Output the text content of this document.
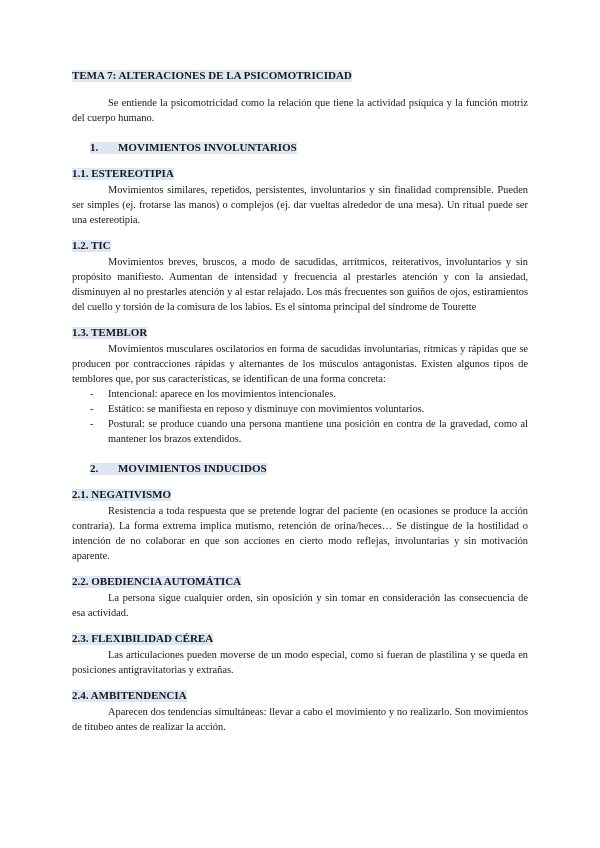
TEMA 7: ALTERACIONES DE LA PSICOMOTRICIDAD

Se entiende la psicomotricidad como la relación que tiene la actividad psíquica y la función motriz del cuerpo humano.

1. MOVIMIENTOS INVOLUNTARIOS
1.1. ESTEREOTIPIA

Movimientos similares, repetidos, persistentes, involuntarios y sin finalidad comprensible. Pueden ser simples (ej. frotarse las manos) o complejos (ej. dar vueltas alrededor de una mesa). Un ritual puede ser una estereotipia.

1.2. TIC

Movimientos breves, bruscos, a modo de sacudidas, arrítmicos, reiterativos, involuntarios y sin propósito manifiesto. Aumentan de intensidad y frecuencia al prestarles atención y con la ansiedad, disminuyen al no prestarles atención y al estar relajado. Los más frecuentes son guiños de ojos, estiramientos del cuello y torsión de la comisura de los labios. Es el síntoma principal del síndrome de Tourette

1.3. TEMBLOR

Movimientos musculares oscilatorios en forma de sacudidas involuntarias, rítmicas y rápidas que se producen por contracciones rápidas y alternantes de los músculos antagonistas. Existen algunos tipos de temblores que, por sus características, se identifican de una forma concreta:

- Intencional: aparece en los movimientos intencionales.
- Estático: se manifiesta en reposo y disminuye con movimientos voluntarios.
- Postural: se produce cuando una persona mantiene una posición en contra de la gravedad, como al mantener los brazos extendidos.
2. MOVIMIENTOS INDUCIDOS
2.1. NEGATIVISMO

Resistencia a toda respuesta que se pretende lograr del paciente (en ocasiones se produce la acción contraria). La forma extrema implica mutismo, retención de orina/heces… Se distingue de la hostilidad o intención de no colaborar en que son acciones en cierto modo reflejas, involuntarias y sin motivación aparente.

2.2. OBEDIENCIA AUTOMÁTICA

La persona sigue cualquier orden, sin oposición y sin tomar en consideración las consecuencia de esa actividad.

2.3. FLEXIBILIDAD CÉREA

Las articulaciones pueden moverse de un modo especial, como si fueran de plastilina y se queda en posiciones antigravitatorias y extrañas.

2.4. AMBITENDENCIA

Aparecen dos tendencias simultáneas: llevar a cabo el movimiento y no realizarlo. Son movimientos de titubeo antes de realizar la acción.
